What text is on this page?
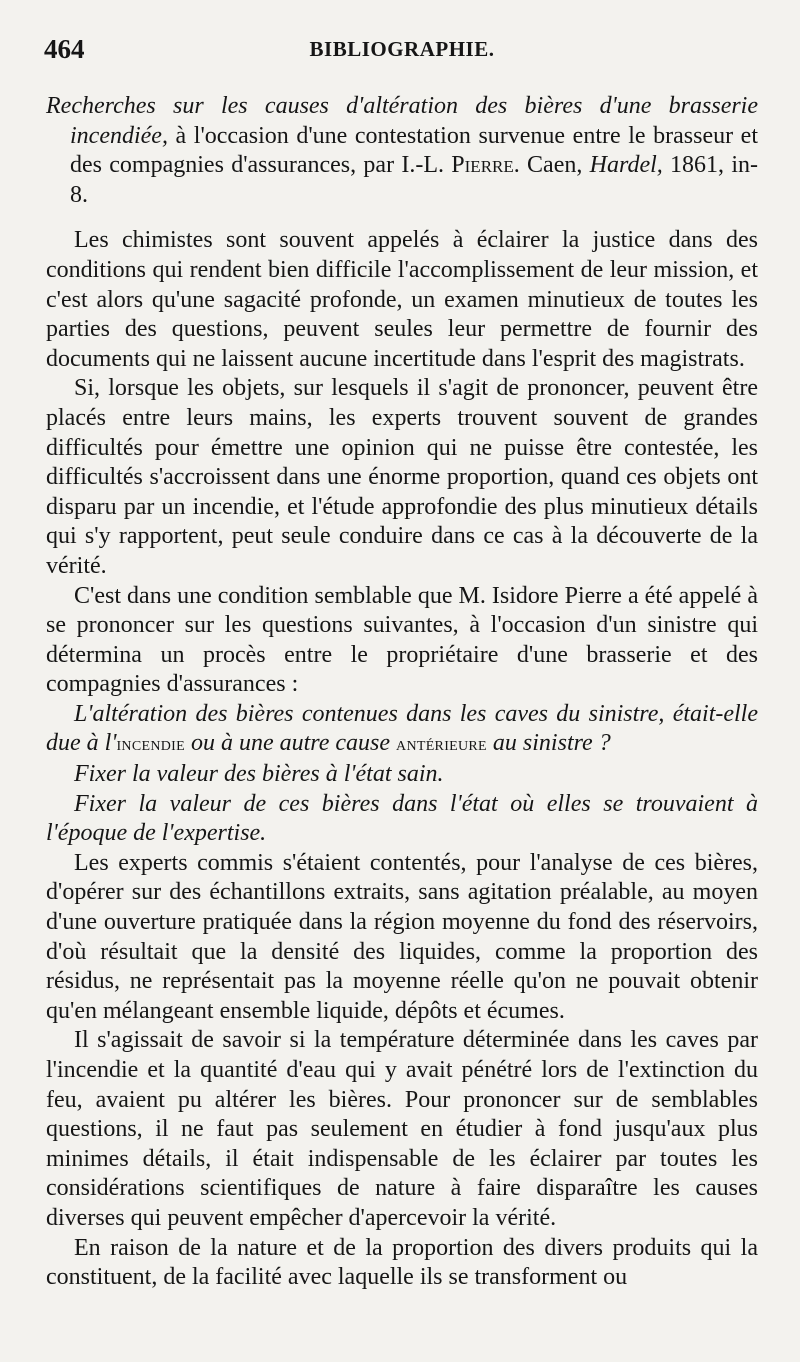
464	BIBLIOGRAPHIE.
Recherches sur les causes d'altération des bières d'une brasserie incendiée, à l'occasion d'une contestation survenue entre le brasseur et des compagnies d'assurances, par I.-L. Pierre. Caen, Hardel, 1861, in-8.

Les chimistes sont souvent appelés à éclairer la justice dans des conditions qui rendent bien difficile l'accomplissement de leur mission, et c'est alors qu'une sagacité profonde, un examen minutieux de toutes les parties des questions, peuvent seules leur permettre de fournir des documents qui ne laissent aucune incertitude dans l'esprit des magistrats.

Si, lorsque les objets, sur lesquels il s'agit de prononcer, peuvent être placés entre leurs mains, les experts trouvent souvent de grandes difficultés pour émettre une opinion qui ne puisse être contestée, les difficultés s'accroissent dans une énorme proportion, quand ces objets ont disparu par un incendie, et l'étude approfondie des plus minutieux détails qui s'y rapportent, peut seule conduire dans ce cas à la découverte de la vérité.

C'est dans une condition semblable que M. Isidore Pierre a été appelé à se prononcer sur les questions suivantes, à l'occasion d'un sinistre qui détermina un procès entre le propriétaire d'une brasserie et des compagnies d'assurances :

L'altération des bières contenues dans les caves du sinistre, était-elle due à l'incendie ou à une autre cause antérieure au sinistre ?

Fixer la valeur des bières à l'état sain.

Fixer la valeur de ces bières dans l'état où elles se trouvaient à l'époque de l'expertise.

Les experts commis s'étaient contentés, pour l'analyse de ces bières, d'opérer sur des échantillons extraits, sans agitation préalable, au moyen d'une ouverture pratiquée dans la région moyenne du fond des réservoirs, d'où résultait que la densité des liquides, comme la proportion des résidus, ne représentait pas la moyenne réelle qu'on ne pouvait obtenir qu'en mélangeant ensemble liquide, dépôts et écumes.

Il s'agissait de savoir si la température déterminée dans les caves par l'incendie et la quantité d'eau qui y avait pénétré lors de l'extinction du feu, avaient pu altérer les bières. Pour prononcer sur de semblables questions, il ne faut pas seulement en étudier à fond jusqu'aux plus minimes détails, il était indispensable de les éclairer par toutes les considérations scientifiques de nature à faire disparaître les causes diverses qui peuvent empêcher d'apercevoir la vérité.

En raison de la nature et de la proportion des divers produits qui la constituent, de la facilité avec laquelle ils se transforment ou
